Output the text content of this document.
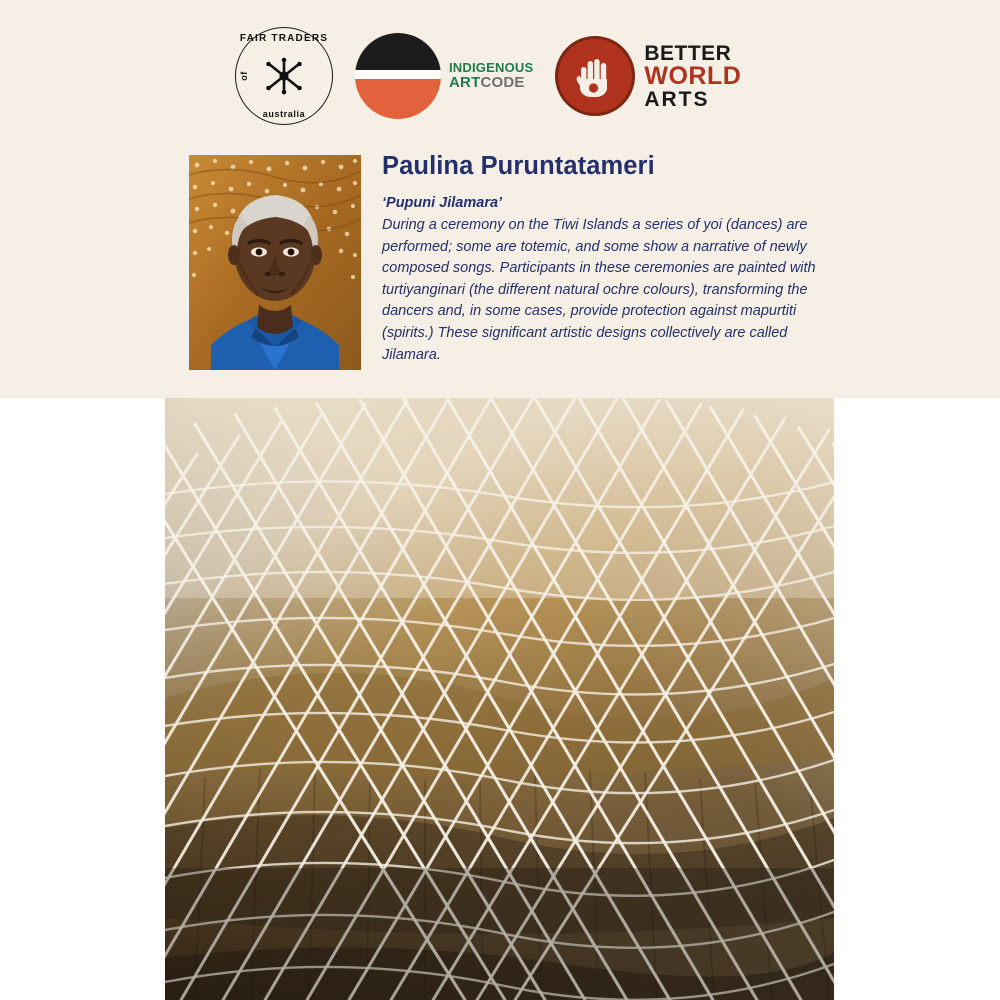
FAIR TRADERS
of
australia
INDIGENOUS
ARTCODE
BETTER
WORLD
ARTS
Paulina Puruntatameri

‘Pupuni Jilamara’

During a ceremony on the Tiwi Islands a series of yoi (dances) are performed; some are totemic, and some show a narrative of newly composed songs. Participants in these ceremonies are painted with turtiyanginari (the different natural ochre colours), transforming the dancers and, in some cases, provide protection against mapurtiti (spirits.) These significant artistic designs collectively are called Jilamara.
